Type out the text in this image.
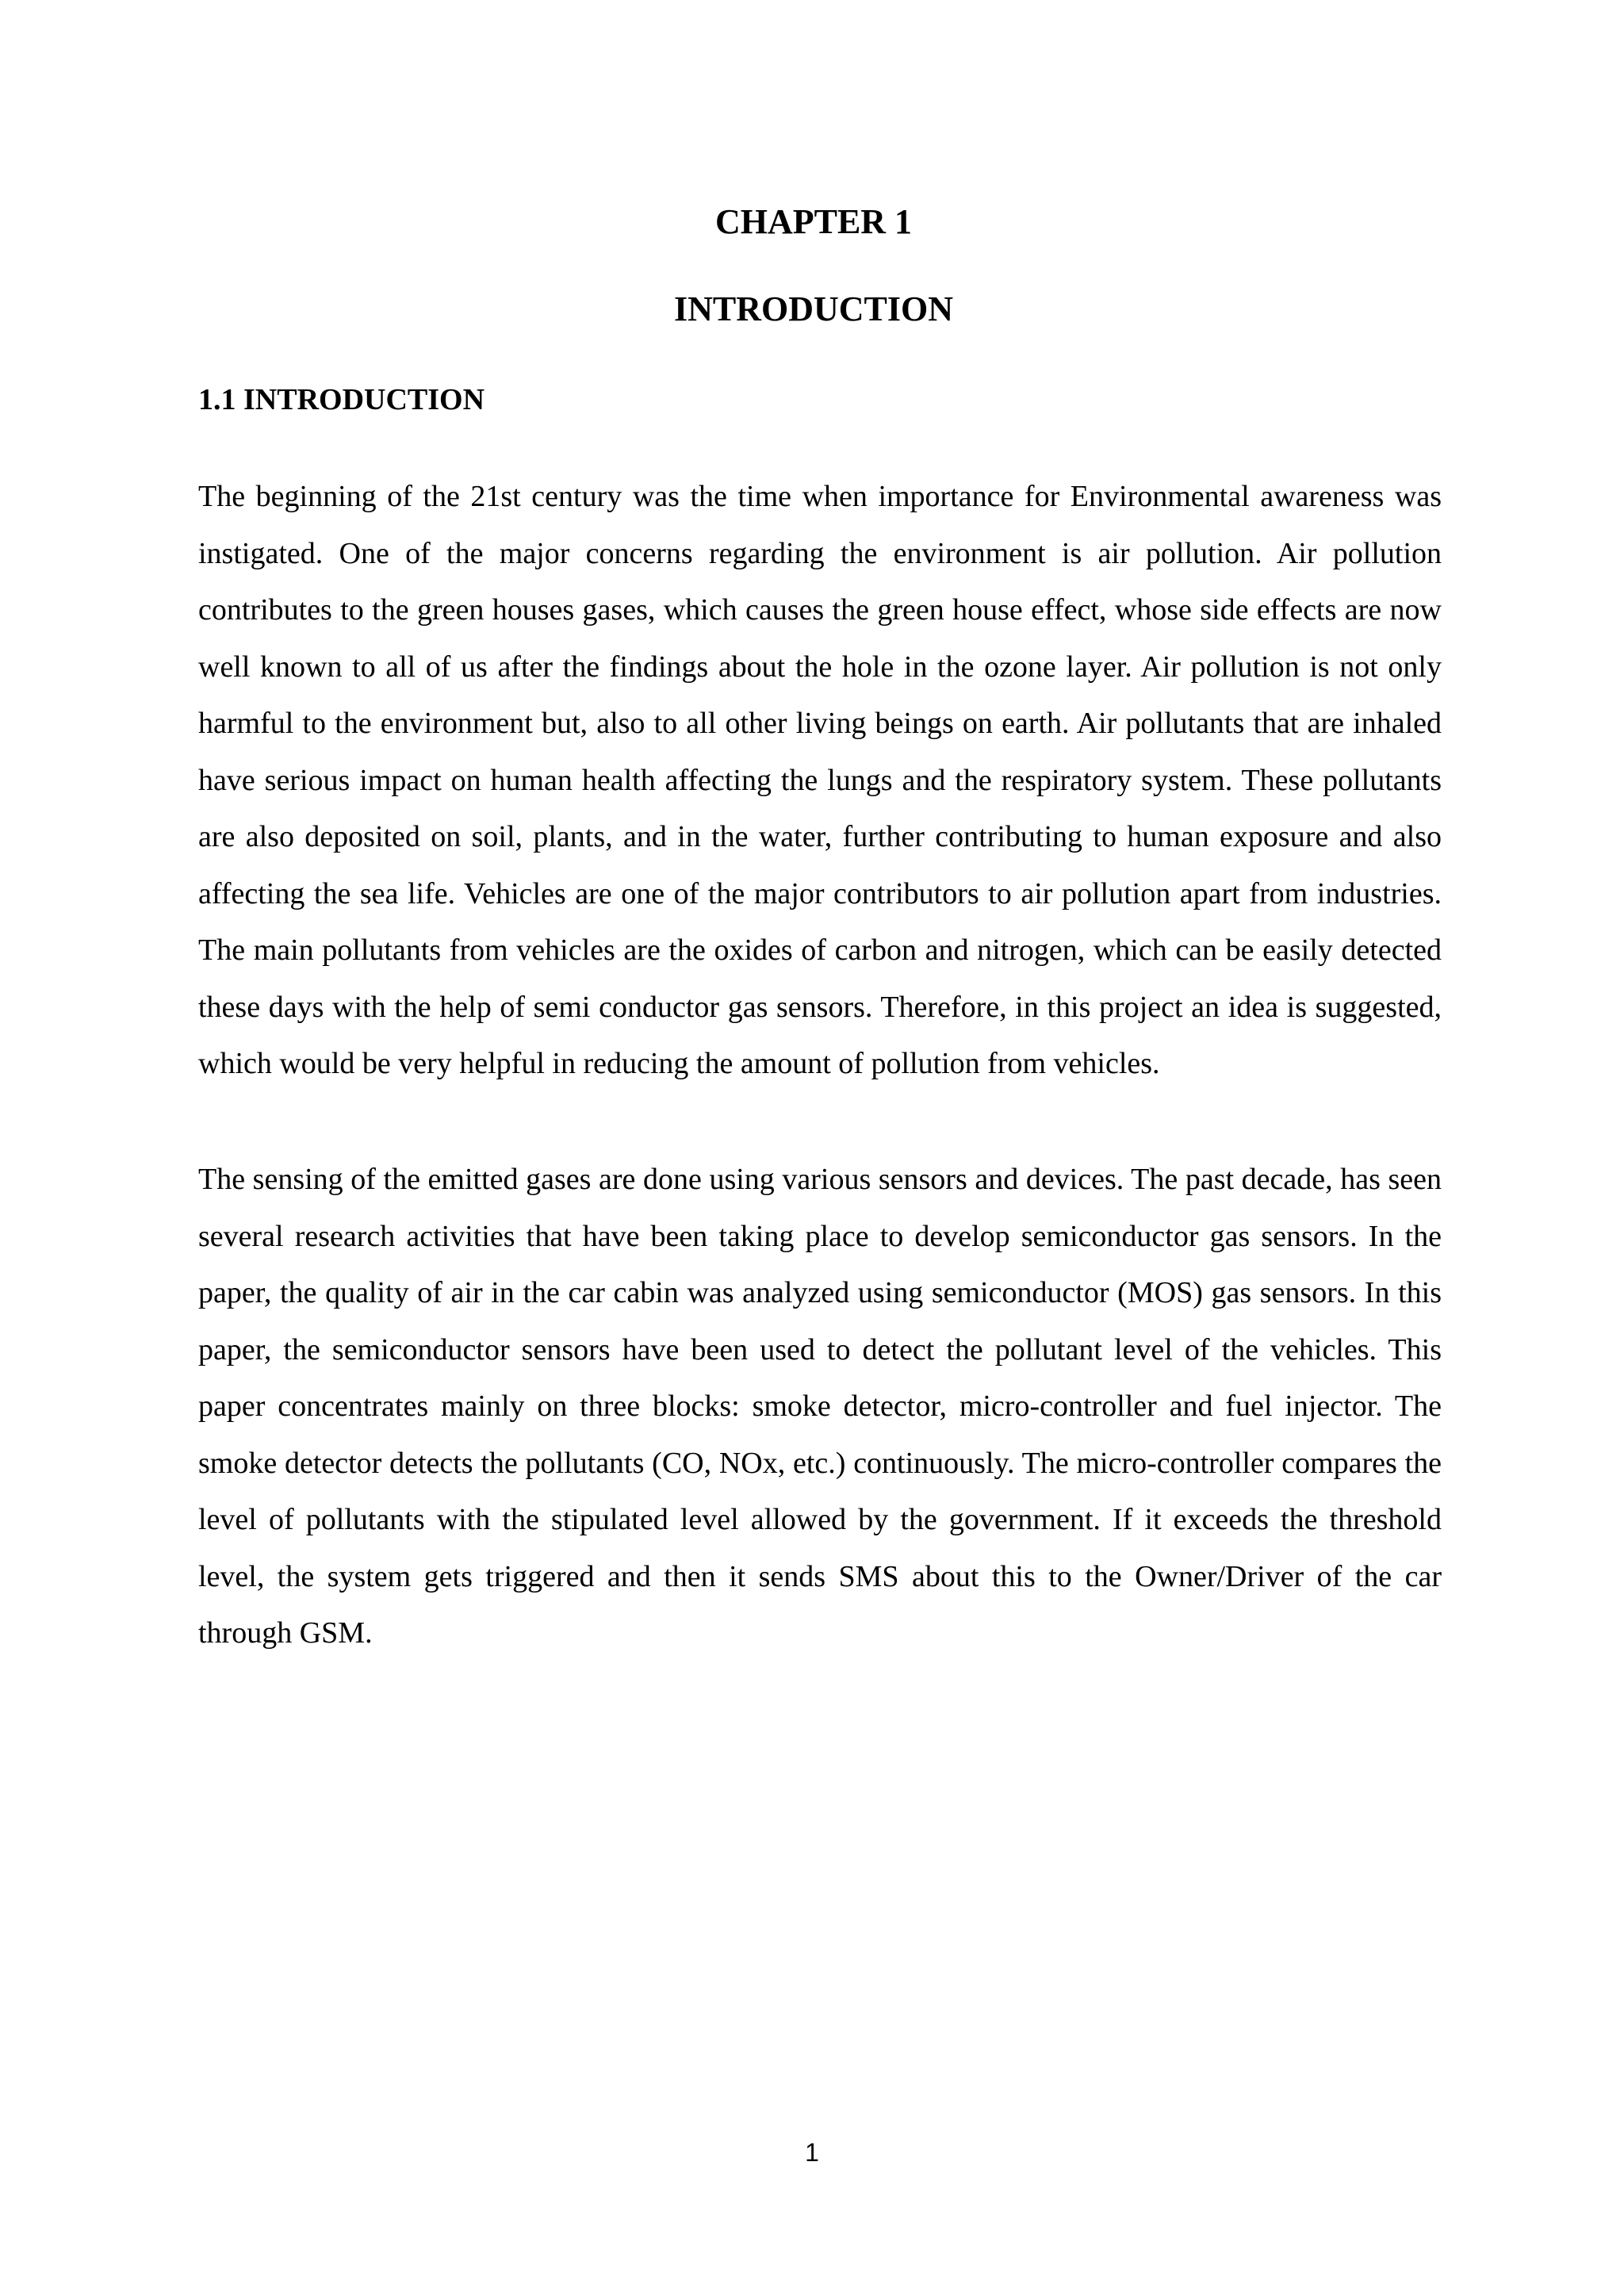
CHAPTER 1
INTRODUCTION
1.1 INTRODUCTION

The beginning of the 21st century was the time when importance for Environmental awareness was instigated. One of the major concerns regarding the environment is air pollution. Air pollution contributes to the green houses gases, which causes the green house effect, whose side effects are now well known to all of us after the findings about the hole in the ozone layer. Air pollution is not only harmful to the environment but, also to all other living beings on earth. Air pollutants that are inhaled have serious impact on human health affecting the lungs and the respiratory system. These pollutants are also deposited on soil, plants, and in the water, further contributing to human exposure and also affecting the sea life. Vehicles are one of the major contributors to air pollution apart from industries. The main pollutants from vehicles are the oxides of carbon and nitrogen, which can be easily detected these days with the help of semi conductor gas sensors. Therefore, in this project an idea is suggested, which would be very helpful in reducing the amount of pollution from vehicles.

The sensing of the emitted gases are done using various sensors and devices. The past decade, has seen several research activities that have been taking place to develop semiconductor gas sensors. In the paper, the quality of air in the car cabin was analyzed using semiconductor (MOS) gas sensors. In this paper, the semiconductor sensors have been used to detect the pollutant level of the vehicles. This paper concentrates mainly on three blocks: smoke detector, micro-controller and fuel injector. The smoke detector detects the pollutants (CO, NOx, etc.) continuously. The micro-controller compares the level of pollutants with the stipulated level allowed by the government. If it exceeds the threshold level, the system gets triggered and then it sends SMS about this to the Owner/Driver of the car through GSM.

1
